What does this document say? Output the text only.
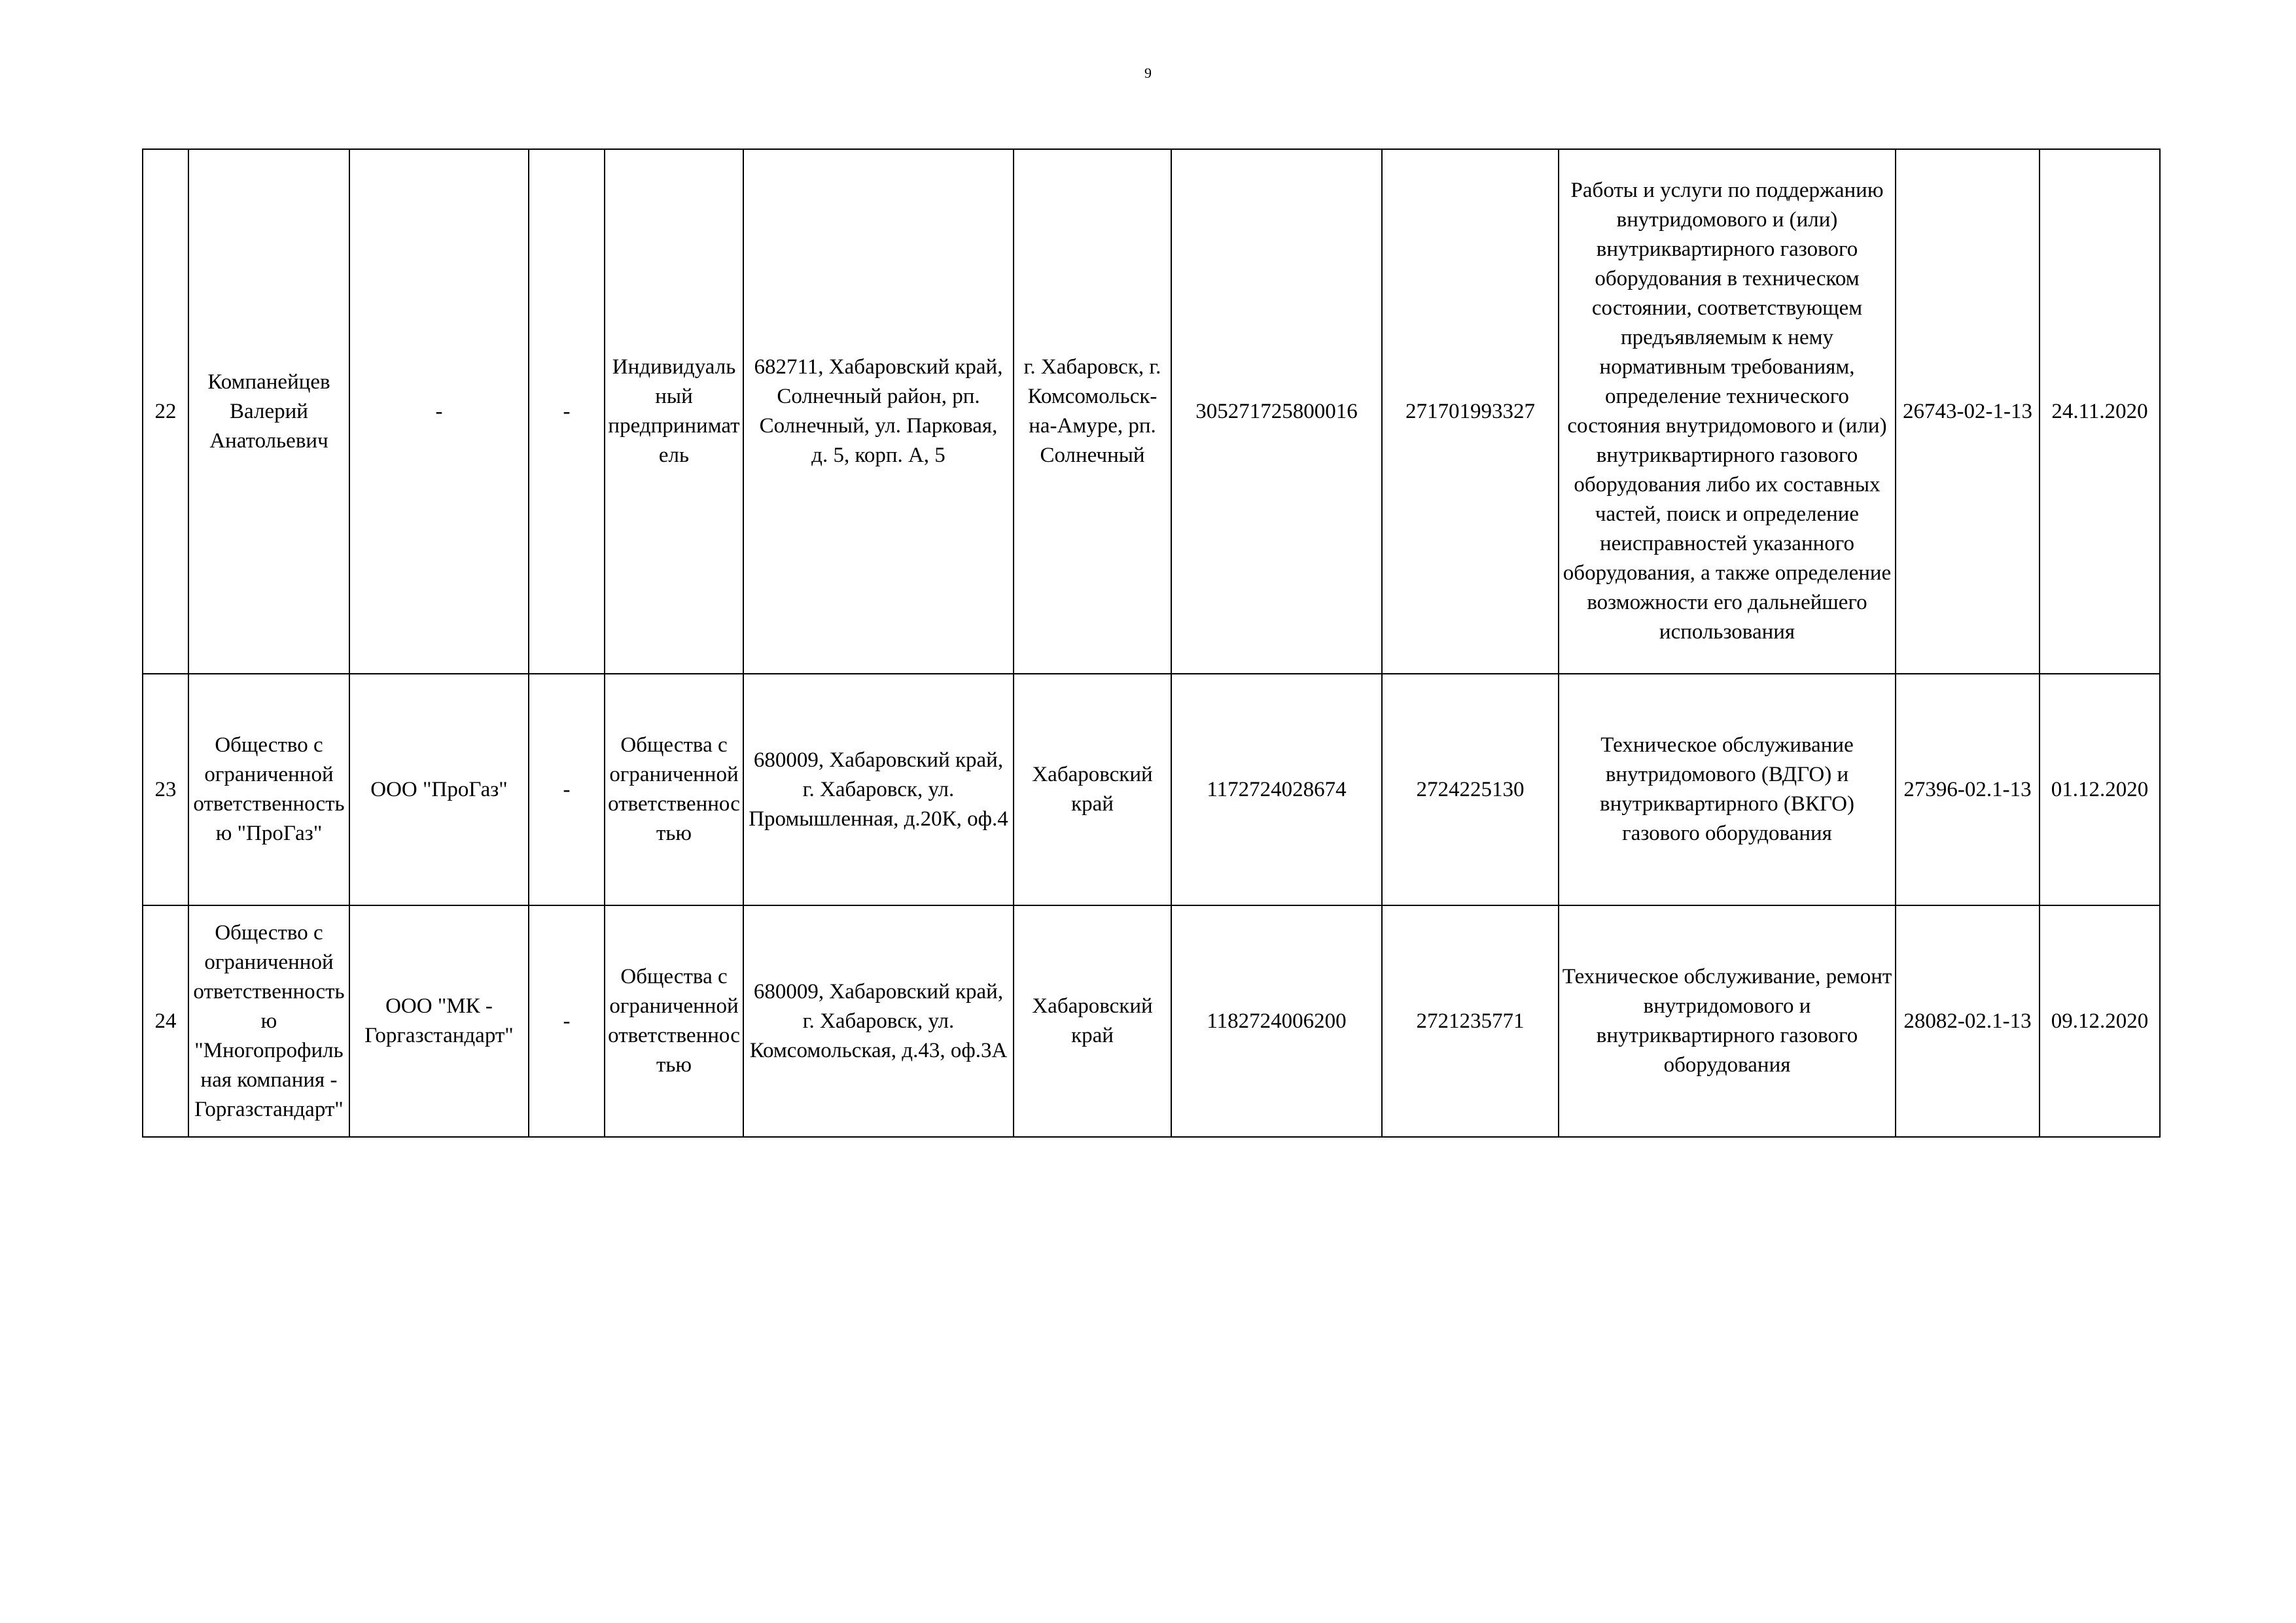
9
22	Компанейцев Валерий Анатольевич	-	-	Индивидуальный предприниматель	682711, Хабаровский край, Солнечный район, рп. Солнечный, ул. Парковая,       д. 5, корп. А, 5	г. Хабаровск, г. Комсомольск-на-Амуре, рп. Солнечный	305271725800016	271701993327	Работы и услуги по поддержанию внутридомового и (или) внутриквартирного газового оборудования в техническом состоянии, соответствующем предъявляемым к нему нормативным требованиям, определение технического состояния внутридомового и (или) внутриквартирного газового оборудования либо их составных частей, поиск и определение неисправностей указанного оборудования, а также определение возможности его дальнейшего использования	26743-02-1-13	24.11.2020
23	Общество с ограниченной ответственностью "ПроГаз"	ООО "ПроГаз"	-	Общества с ограниченной ответственностью	680009, Хабаровский край, г. Хабаровск, ул. Промышленная, д.20К, оф.4	Хабаровский край	1172724028674	2724225130	Техническое обслуживание внутридомового (ВДГО) и внутриквартирного (ВКГО) газового оборудования	27396-02.1-13	01.12.2020
24	Общество с ограниченной ответственностью "Многопрофильная компания - Горгазстандарт"	ООО "МК - Горгазстандарт"	-	Общества с ограниченной ответственностью	680009, Хабаровский край, г. Хабаровск, ул. Комсомольская, д.43, оф.3А	Хабаровский край	1182724006200	2721235771	Техническое обслуживание, ремонт внутридомового и внутриквартирного газового оборудования	28082-02.1-13	09.12.2020
